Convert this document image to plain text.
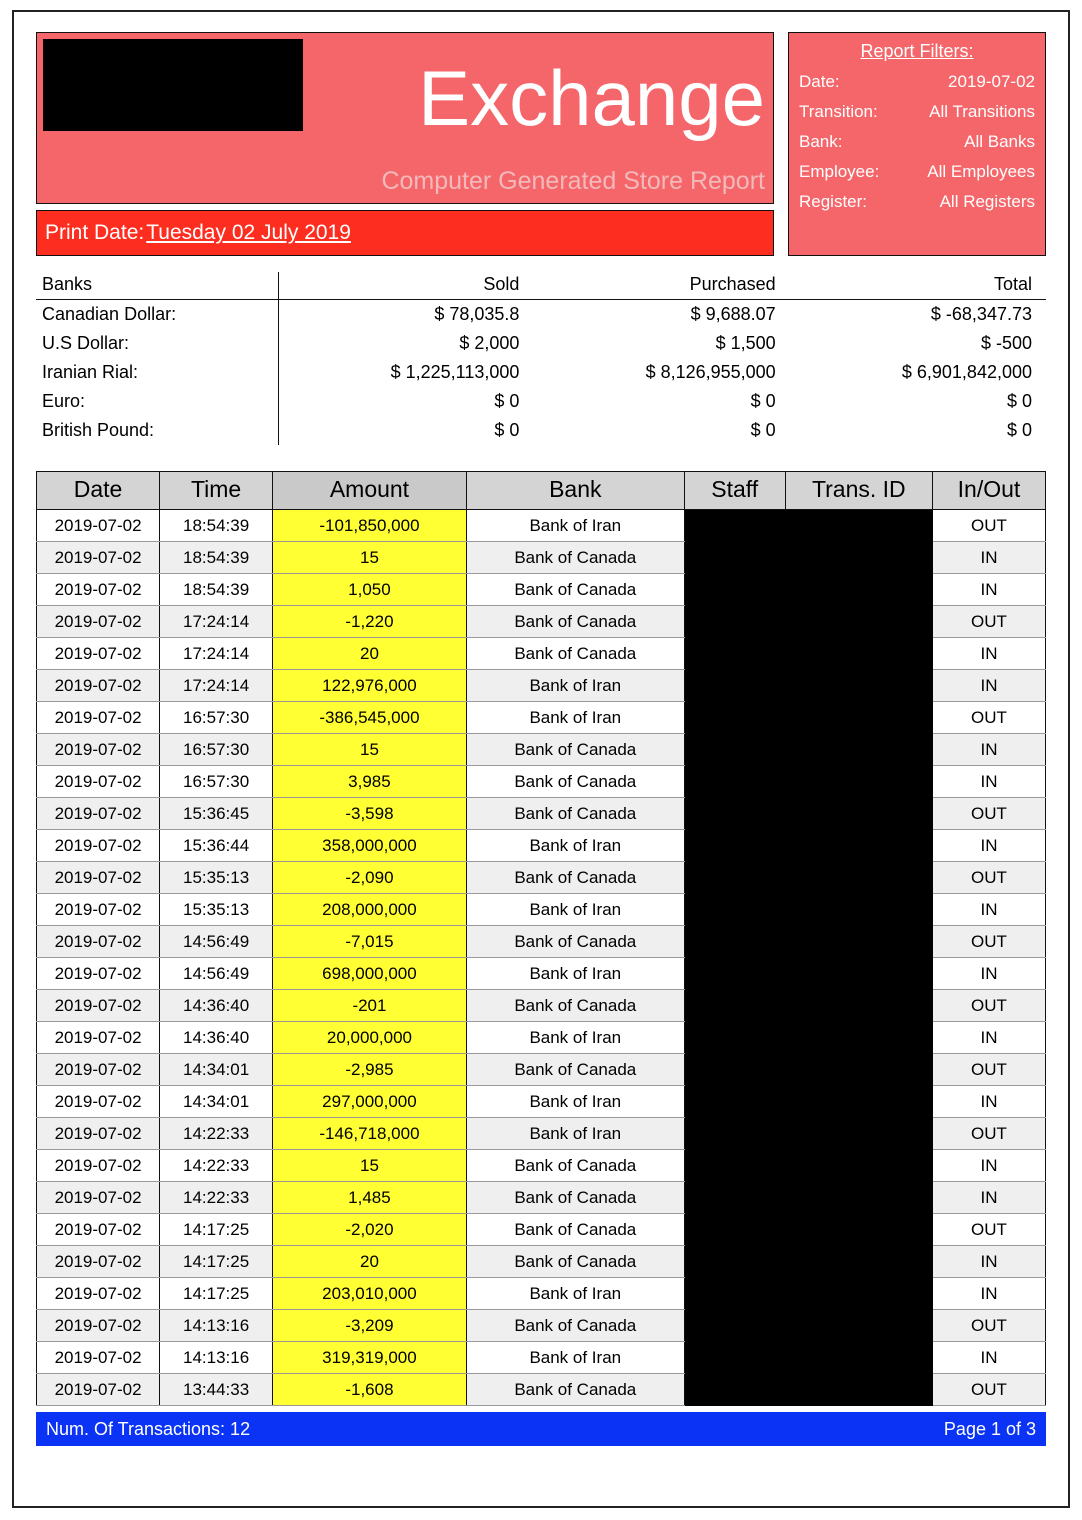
Exchange
Computer Generated Store Report
Print Date: Tuesday 02 July 2019
Report Filters:
Date:	2019-07-02
Transition:	All Transitions
Bank:	All Banks
Employee:	All Employees
Register:	All Registers
Banks	Sold	Purchased	Total
Canadian Dollar:	$ 78,035.8	$ 9,688.07	$ -68,347.73
U.S Dollar:	$ 2,000	$ 1,500	$ -500
Iranian Rial:	$ 1,225,113,000	$ 8,126,955,000	$ 6,901,842,000
Euro:	$ 0	$ 0	$ 0
British Pound:	$ 0	$ 0	$ 0
Date	Time	Amount	Bank	Staff	Trans. ID	In/Out
2019-07-02	18:54:39	-101,850,000	Bank of Iran			OUT
2019-07-02	18:54:39	15	Bank of Canada			IN
2019-07-02	18:54:39	1,050	Bank of Canada			IN
2019-07-02	17:24:14	-1,220	Bank of Canada			OUT
2019-07-02	17:24:14	20	Bank of Canada			IN
2019-07-02	17:24:14	122,976,000	Bank of Iran			IN
2019-07-02	16:57:30	-386,545,000	Bank of Iran			OUT
2019-07-02	16:57:30	15	Bank of Canada			IN
2019-07-02	16:57:30	3,985	Bank of Canada			IN
2019-07-02	15:36:45	-3,598	Bank of Canada			OUT
2019-07-02	15:36:44	358,000,000	Bank of Iran			IN
2019-07-02	15:35:13	-2,090	Bank of Canada			OUT
2019-07-02	15:35:13	208,000,000	Bank of Iran			IN
2019-07-02	14:56:49	-7,015	Bank of Canada			OUT
2019-07-02	14:56:49	698,000,000	Bank of Iran			IN
2019-07-02	14:36:40	-201	Bank of Canada			OUT
2019-07-02	14:36:40	20,000,000	Bank of Iran			IN
2019-07-02	14:34:01	-2,985	Bank of Canada			OUT
2019-07-02	14:34:01	297,000,000	Bank of Iran			IN
2019-07-02	14:22:33	-146,718,000	Bank of Iran			OUT
2019-07-02	14:22:33	15	Bank of Canada			IN
2019-07-02	14:22:33	1,485	Bank of Canada			IN
2019-07-02	14:17:25	-2,020	Bank of Canada			OUT
2019-07-02	14:17:25	20	Bank of Canada			IN
2019-07-02	14:17:25	203,010,000	Bank of Iran			IN
2019-07-02	14:13:16	-3,209	Bank of Canada			OUT
2019-07-02	14:13:16	319,319,000	Bank of Iran			IN
2019-07-02	13:44:33	-1,608	Bank of Canada			OUT
Num. Of Transactions: 12	Page 1 of 3
